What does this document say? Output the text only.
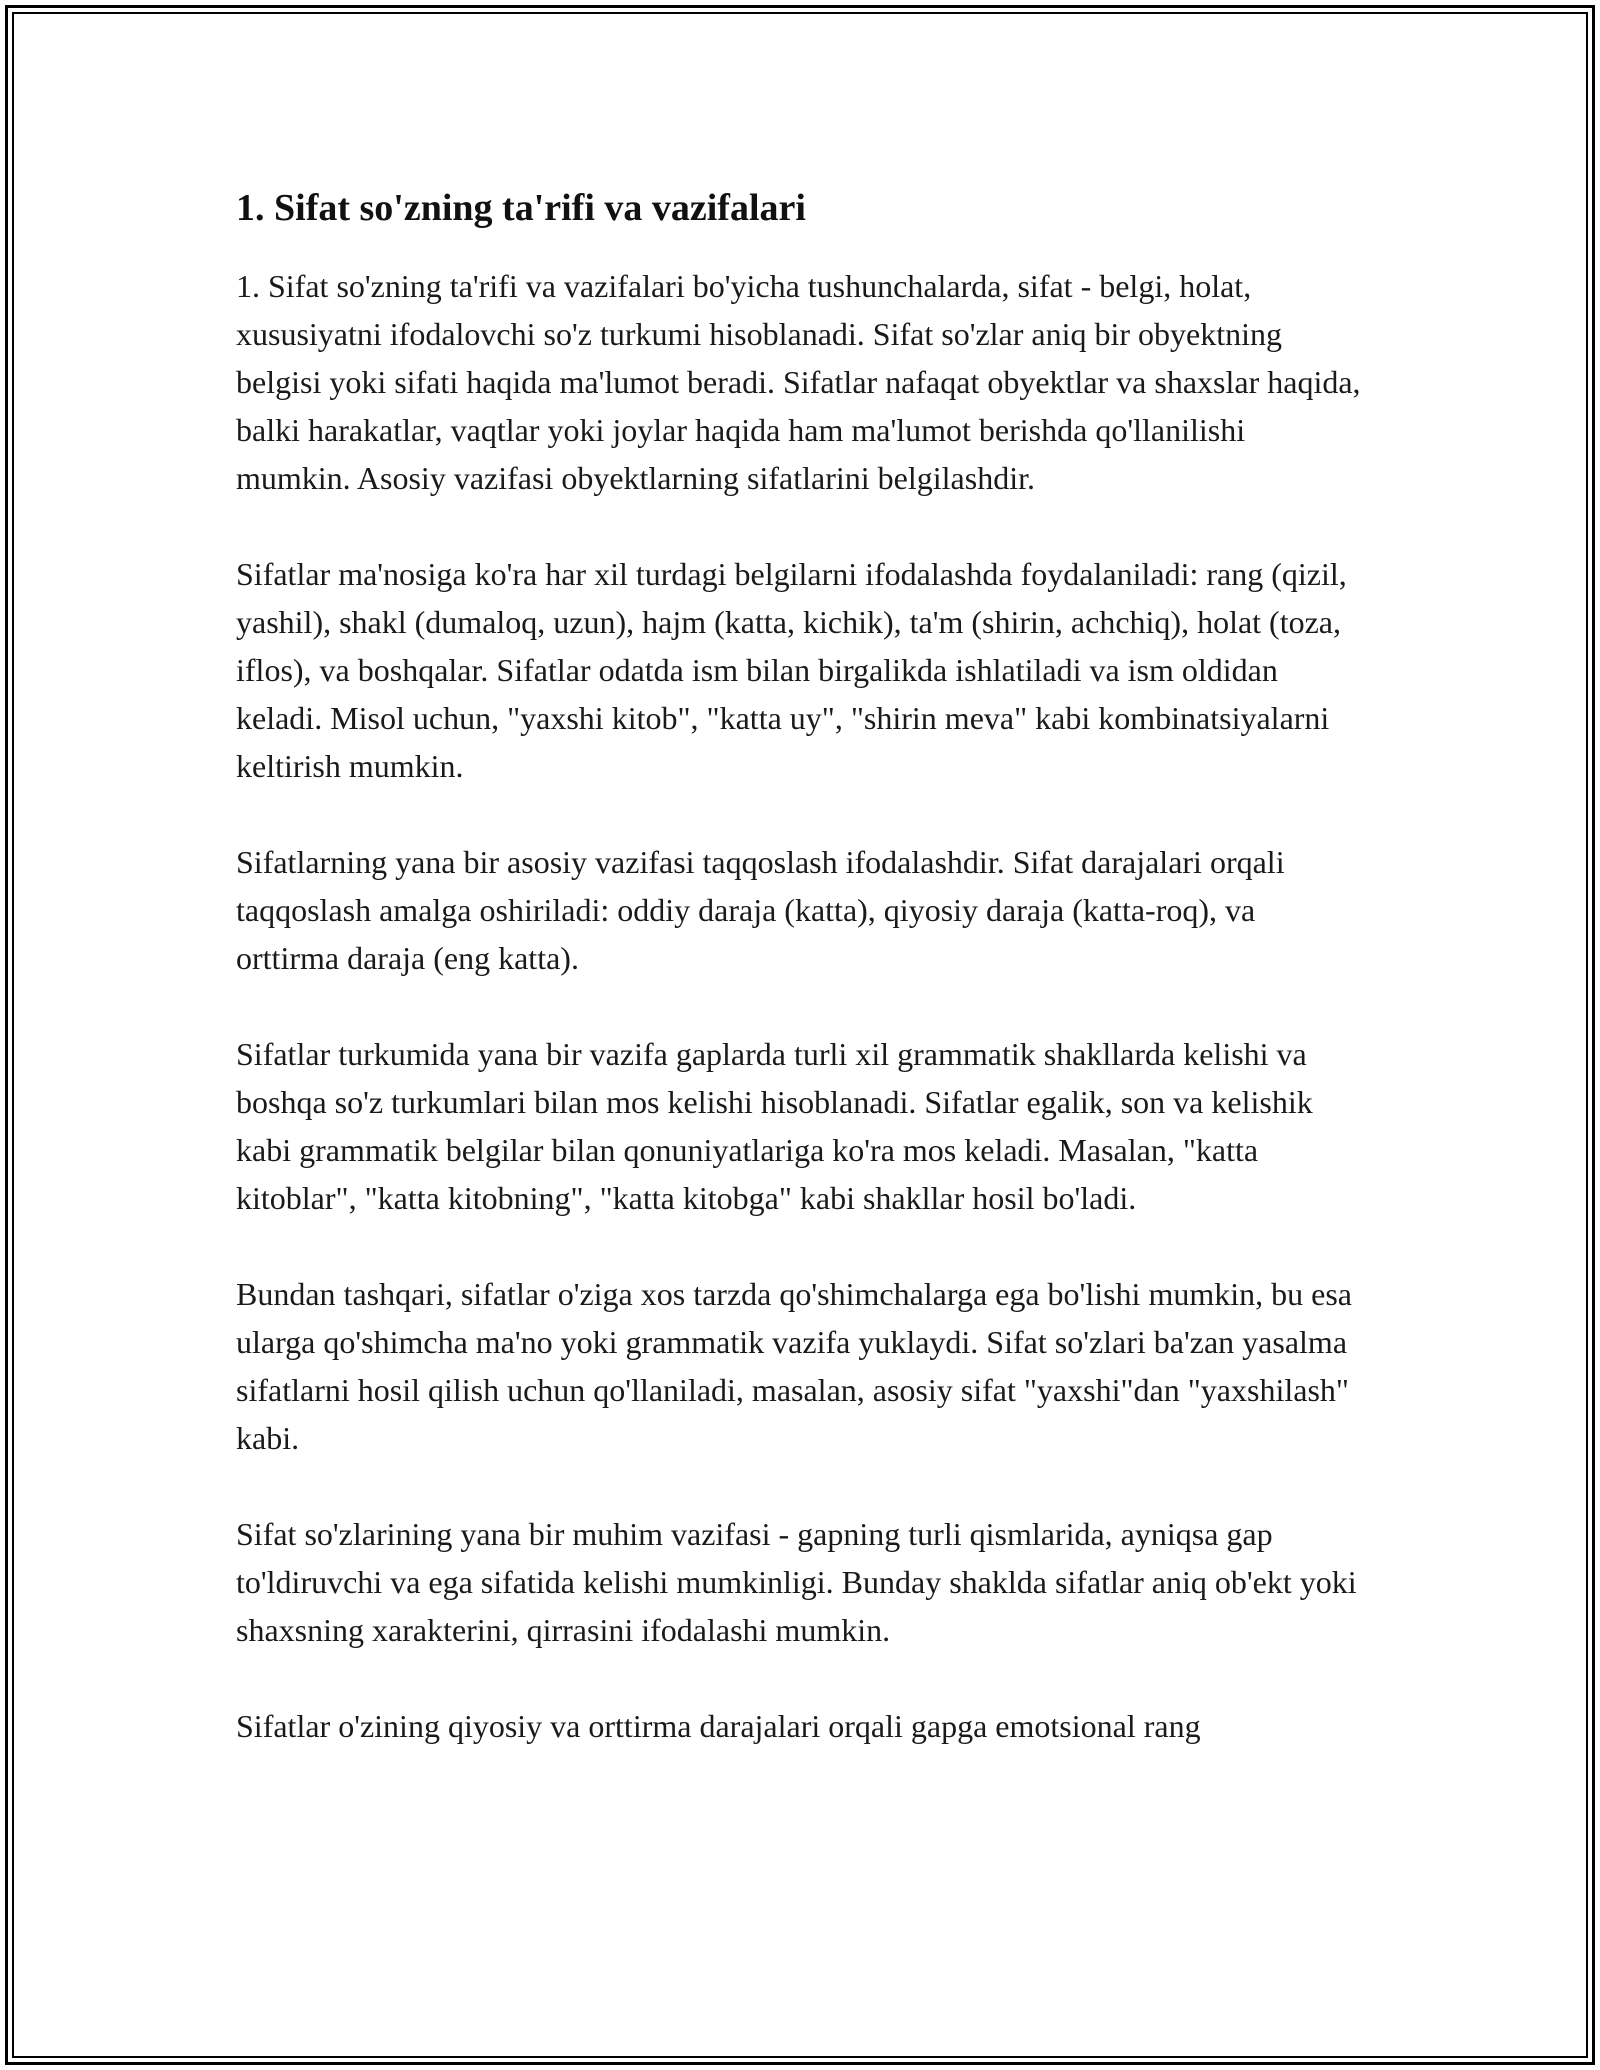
1. Sifat so'zning ta'rifi va vazifalari

1. Sifat so'zning ta'rifi va vazifalari bo'yicha tushunchalarda, sifat - belgi, holat, xususiyatni ifodalovchi so'z turkumi hisoblanadi. Sifat so'zlar aniq bir obyektning belgisi yoki sifati haqida ma'lumot beradi. Sifatlar nafaqat obyektlar va shaxslar haqida, balki harakatlar, vaqtlar yoki joylar haqida ham ma'lumot berishda qo'llanilishi mumkin. Asosiy vazifasi obyektlarning sifatlarini belgilashdir.

Sifatlar ma'nosiga ko'ra har xil turdagi belgilarni ifodalashda foydalaniladi: rang (qizil, yashil), shakl (dumaloq, uzun), hajm (katta, kichik), ta'm (shirin, achchiq), holat (toza, iflos), va boshqalar. Sifatlar odatda ism bilan birgalikda ishlatiladi va ism oldidan keladi. Misol uchun, "yaxshi kitob", "katta uy", "shirin meva" kabi kombinatsiyalarni keltirish mumkin.

Sifatlarning yana bir asosiy vazifasi taqqoslash ifodalashdir. Sifat darajalari orqali taqqoslash amalga oshiriladi: oddiy daraja (katta), qiyosiy daraja (katta-roq), va orttirma daraja (eng katta).

Sifatlar turkumida yana bir vazifa gaplarda turli xil grammatik shakllarda kelishi va boshqa so'z turkumlari bilan mos kelishi hisoblanadi. Sifatlar egalik, son va kelishik kabi grammatik belgilar bilan qonuniyatlariga ko'ra mos keladi. Masalan, "katta kitoblar", "katta kitobning", "katta kitobga" kabi shakllar hosil bo'ladi.

Bundan tashqari, sifatlar o'ziga xos tarzda qo'shimchalarga ega bo'lishi mumkin, bu esa ularga qo'shimcha ma'no yoki grammatik vazifa yuklaydi. Sifat so'zlari ba'zan yasalma sifatlarni hosil qilish uchun qo'llaniladi, masalan, asosiy sifat "yaxshi"dan "yaxshilash" kabi.

Sifat so'zlarining yana bir muhim vazifasi - gapning turli qismlarida, ayniqsa gap to'ldiruvchi va ega sifatida kelishi mumkinligi. Bunday shaklda sifatlar aniq ob'ekt yoki shaxsning xarakterini, qirrasini ifodalashi mumkin.

Sifatlar o'zining qiyosiy va orttirma darajalari orqali gapga emotsional rang
